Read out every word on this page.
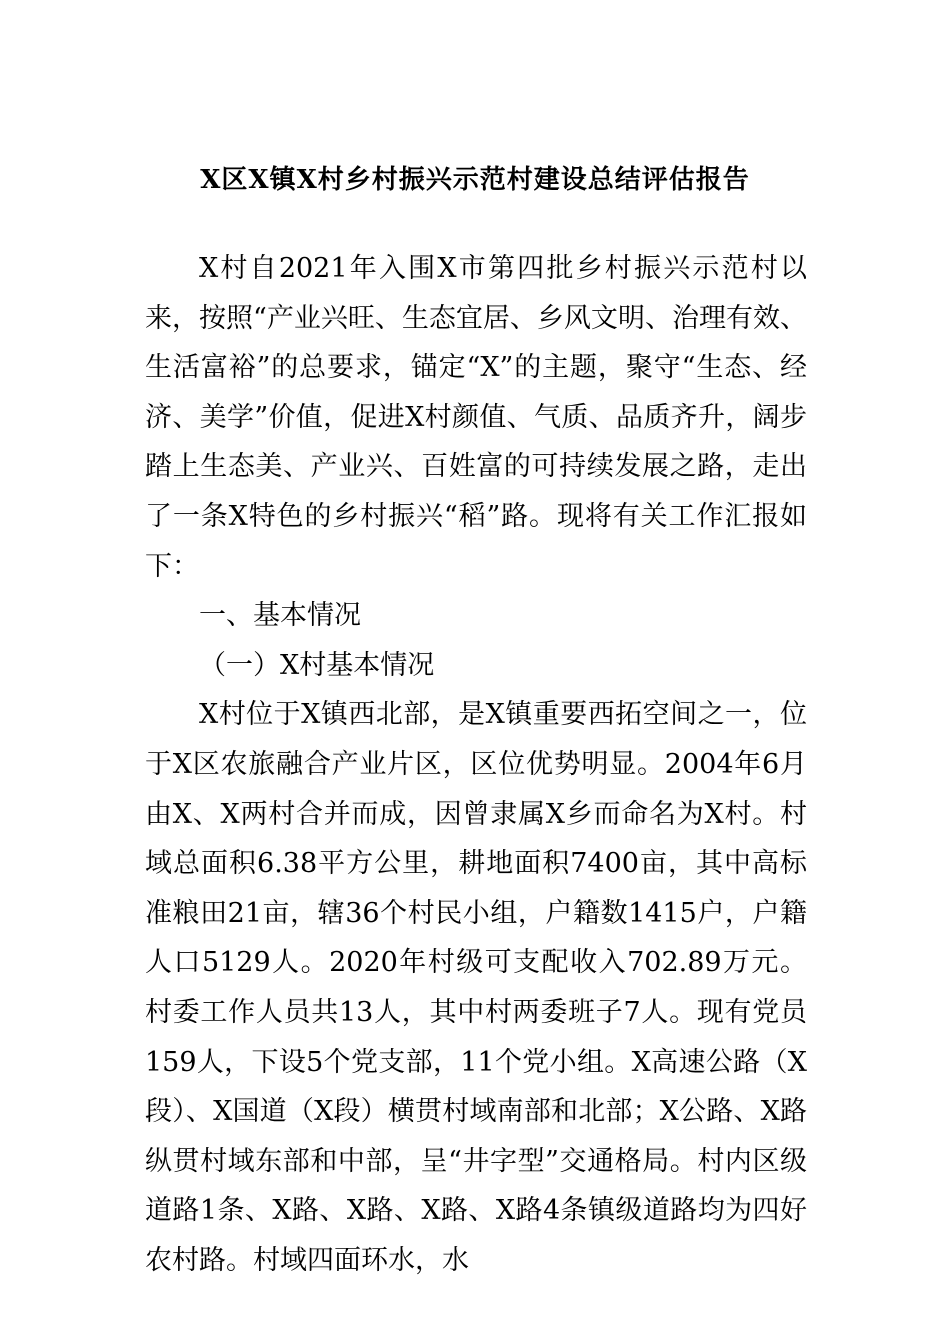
X区X镇X村乡村振兴示范村建设总结评估报告

X村自2021年入围X市第四批乡村振兴示范村以来，按照“产业兴旺、生态宜居、乡风文明、治理有效、生活富裕”的总要求，锚定“X”的主题，聚守“生态、经济、美学”价值，促进X村颜值、气质、品质齐升，阔步踏上生态美、产业兴、百姓富的可持续发展之路，走出了一条X特色的乡村振兴“稻”路。现将有关工作汇报如下：

一、基本情况

（一）X村基本情况

X村位于X镇西北部，是X镇重要西拓空间之一，位于X区农旅融合产业片区，区位优势明显。2004年6月由X、X两村合并而成，因曾隶属X乡而命名为X村。村域总面积6.38平方公里，耕地面积7400亩，其中高标准粮田21亩，辖36个村民小组，户籍数1415户，户籍人口5129人。2020年村级可支配收入702.89万元。村委工作人员共13人，其中村两委班子7人。现有党员159人，下设5个党支部，11个党小组。X高速公路（X段）、X国道（X段）横贯村域南部和北部；X公路、X路纵贯村域东部和中部，呈“井字型”交通格局。村内区级道路1条、X路、X路、X路、X路4条镇级道路均为四好农村路。村域四面环水，水
